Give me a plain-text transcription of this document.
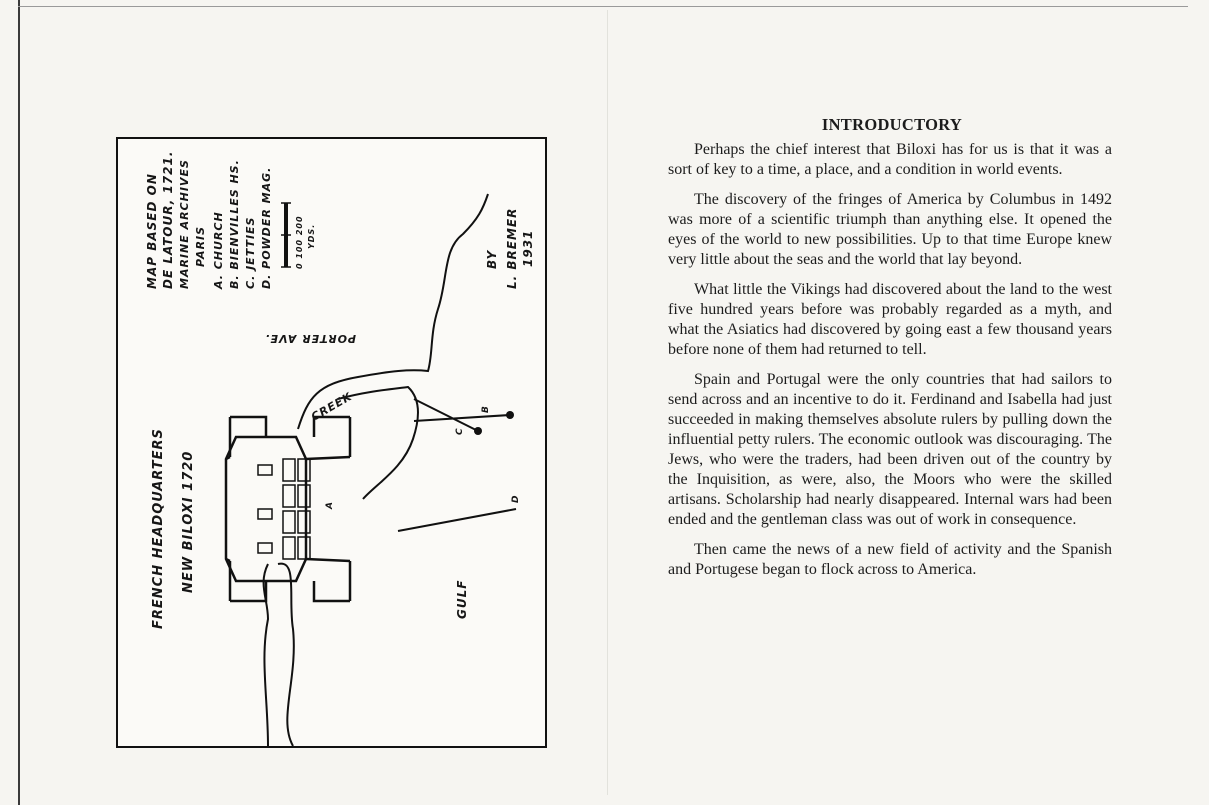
FRENCH HEADQUARTERS NEW BILOXI 1720
MAP BASED ON DE LATOUR, 1721. MARINE ARCHIVES PARIS A. CHURCH B. BIENVILLES HS. C. JETTIES D. POWDER MAG.	0 100 200 YDS.
BY L. BREMER 1931
CREEK
PORTER AVE.
GULF
A
B
C
D
INTRODUCTORY

Perhaps the chief interest that Biloxi has for us is that it was a sort of key to a time, a place, and a condition in world events.

The discovery of the fringes of America by Columbus in 1492 was more of a scientific triumph than anything else. It opened the eyes of the world to new possibilities. Up to that time Europe knew very little about the seas and the world that lay beyond.

What little the Vikings had discovered about the land to the west five hundred years before was probably regarded as a myth, and what the Asiatics had discovered by going east a few thousand years before none of them had returned to tell.

Spain and Portugal were the only countries that had sailors to send across and an incentive to do it. Ferdinand and Isabella had just succeeded in making themselves absolute rulers by pulling down the influential petty rulers. The economic outlook was discouraging. The Jews, who were the traders, had been driven out of the country by the Inquisition, as were, also, the Moors who were the skilled artisans. Scholarship had nearly disappeared. Internal wars had been ended and the gentleman class was out of work in consequence.

Then came the news of a new field of activity and the Spanish and Portugese began to flock across to America.
